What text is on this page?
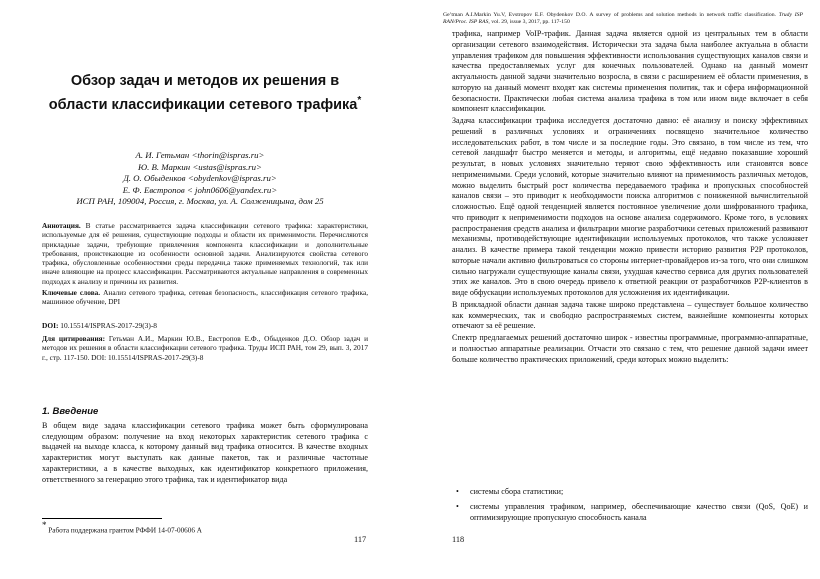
Обзор задач и методов их решения в области классификации сетевого трафика*
А. И. Гетьман <thorin@ispras.ru>
Ю. В. Маркин <ustas@ispras.ru>
Д. О. Обыденков <obydenkov@ispras.ru>
Е. Ф. Евстропов < john0606@yandex.ru>
ИСП РАН, 109004, Россия, г. Москва, ул. А. Солженицына, дом 25
Аннотация. В статье рассматривается задача классификации сетевого трафика: характеристики, используемые для её решения, существующие подходы и области их применимости. Перечисляются прикладные задачи, требующие привлечения компонента классификации и дополнительные требования, проистекающие из особенности основной задачи. Анализируются свойства сетевого трафика, обусловленные особенностями среды передачи,а также применяемых технологий, так или иначе влияющие на процесс классификации. Рассматриваются актуальные направления в современных подходах к анализу и причины их развития.
Ключевые слова. Анализ сетевого трафика, сетевая безопасность, классификация сетевого трафика, машинное обучение, DPI
DOI: 10.15514/ISPRAS-2017-29(3)-8
Для цитирования: Гетьман А.И., Маркин Ю.В., Евстропов Е.Ф., Обыденков Д.О. Обзор задач и методов их решения в области классификации сетевого трафика. Труды ИСП РАН, том 29, вып. 3, 2017 г., стр. 117-150. DOI: 10.15514/ISPRAS-2017-29(3)-8
1. Введение
В общем виде задача классификации сетевого трафика может быть сформулирована следующим образом: получение на вход некоторых характеристик сетевого трафика с выдачей на выходе класса, к которому данный вид трафика относится. В качестве входных характеристик могут выступать как данные пакетов, так и различные частотные характеристики, а в качестве выходных, как идентификатор конкретного приложения, ответственного за генерацию этого трафика, так и идентификатор вида
* Работа поддержана грантом РФФИ 14-07-00606 А
117
Ge’tman A.I.Markin Yu.V, Evstropov E.F. Obydenkov D.O. A survey of problems and solution methods in network traffic classification. Trudy ISP RAN/Proc. ISP RAS, vol. 29, issue 3, 2017, pp. 117-150

трафика, например VoIP-трафик. Данная задача является одной из центральных тем в области организации сетевого взаимодействия. Исторически эта задача была наиболее актуальна в области управления трафиком для повышения эффективности использования существующих каналов связи и качества предоставляемых услуг для конечных пользователей. Однако на данный момент актуальность данной задачи значительно возросла, в связи с расширением её области применения, в которую на данный момент входят как системы применения политик, так и сфера информационной безопасности. Практически любая система анализа трафика в том или ином виде включает в себя компонент классификации.

Задача классификации трафика исследуется достаточно давно: её анализу и поиску эффективных решений в различных условиях и ограничениях посвящено значительное количество исследовательских работ, в том числе и за последние годы. Это связано, в том числе из тем, что сетевой ландшафт быстро меняется и методы, и алгоритмы, ещё недавно показавшие хороший результат, в новых условиях значительно теряют свою эффективность или становятся вовсе неприменимыми. Среди условий, которые значительно влияют на применимость различных методов, можно выделить быстрый рост количества передаваемого трафика и пропускных способностей каналов связи – это приводит к необходимости поиска алгоритмов с пониженной вычислительной сложностью. Ещё одной тенденцией является постоянное увеличение доли шифрованного трафика, что приводит к неприменимости подходов на основе анализа содержимого. Кроме того, в условиях распространения средств анализа и фильтрации многие разработчики сетевых приложений развивают механизмы, противодействующие идентификации используемых протоколов, что также усложняет анализ. В качестве примера такой тенденции можно привести историю развития P2P протоколов, которые начали активно фильтроваться со стороны интернет-провайдеров из-за того, что они слишком сильно нагружали существующие каналы связи, ухудшая качество сервиса для других пользователей этих же каналов. Это в свою очередь привело к ответной реакции от разработчиков P2P-клиентов в виде обфускации используемых протоколов для усложнения их идентификации.

В прикладной области данная задача также широко представлена – существует большое количество как коммерческих, так и свободно распространяемых систем, важнейшие компоненты которых отвечают за её решение.

Спектр предлагаемых решений достаточно широк - известны программные, программно-аппаратные, и полностью аппаратные реализации. Отчасти это связано с тем, что решение данной задачи имеет больше количество практических приложений, среди которых можно выделить:

•	системы сбора статистики;
•	системы управления трафиком, например, обеспечивающие качество связи (QoS, QoE) и оптимизирующие пропускную способность канала
118
